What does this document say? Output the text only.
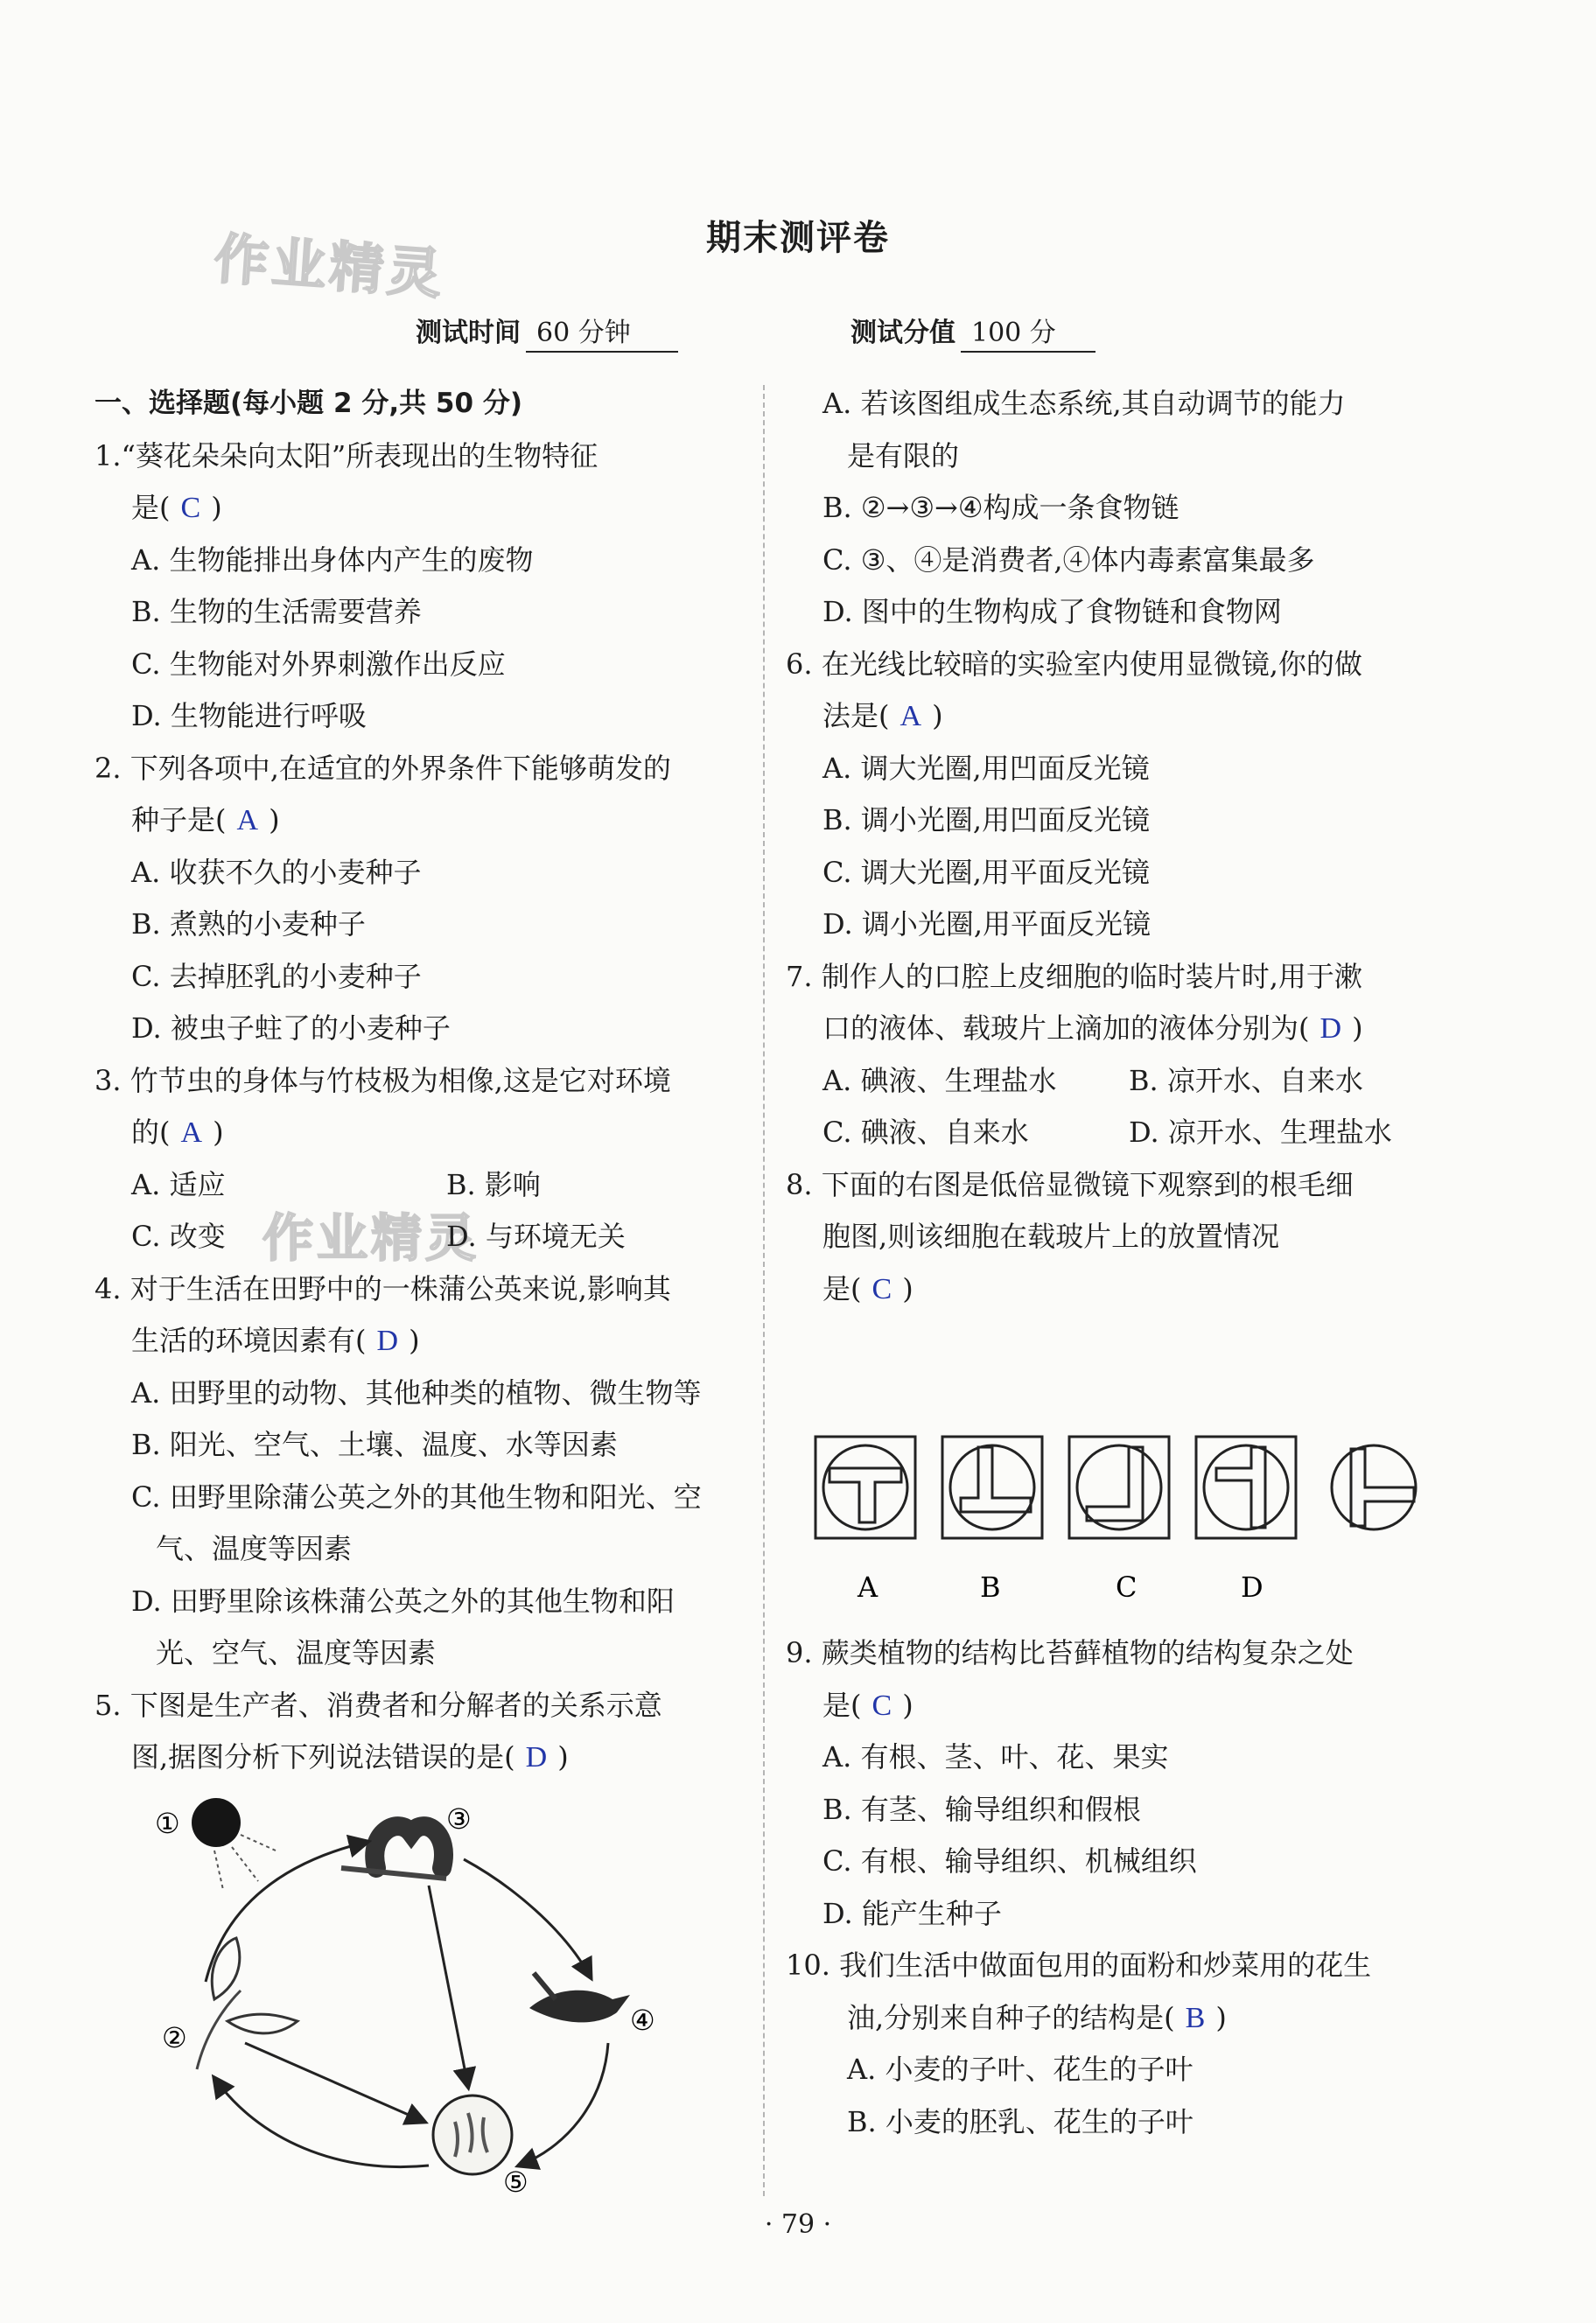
作业精灵
作业精灵
期末测评卷
测试时间 60 分钟	测试分值 100 分
一、选择题(每小题 2 分,共 50 分)
1.“葵花朵朵向太阳”所表现出的生物特征
是( C )
A. 生物能排出身体内产生的废物
B. 生物的生活需要营养
C. 生物能对外界刺激作出反应
D. 生物能进行呼吸
2. 下列各项中,在适宜的外界条件下能够萌发的
种子是( A )
A. 收获不久的小麦种子
B. 煮熟的小麦种子
C. 去掉胚乳的小麦种子
D. 被虫子蛀了的小麦种子
3. 竹节虫的身体与竹枝极为相像,这是它对环境
的( A )
A. 适应	B. 影响
C. 改变	D. 与环境无关
4. 对于生活在田野中的一株蒲公英来说,影响其
生活的环境因素有( D )
A. 田野里的动物、其他种类的植物、微生物等
B. 阳光、空气、土壤、温度、水等因素
C. 田野里除蒲公英之外的其他生物和阳光、空
气、温度等因素
D. 田野里除该株蒲公英之外的其他生物和阳
光、空气、温度等因素
5. 下图是生产者、消费者和分解者的关系示意
图,据图分析下列说法错误的是( D )
①	③
④
②
⑤
A. 若该图组成生态系统,其自动调节的能力
是有限的
B. ②→③→④构成一条食物链
C. ③、④是消费者,④体内毒素富集最多
D. 图中的生物构成了食物链和食物网
6. 在光线比较暗的实验室内使用显微镜,你的做
法是( A )
A. 调大光圈,用凹面反光镜
B. 调小光圈,用凹面反光镜
C. 调大光圈,用平面反光镜
D. 调小光圈,用平面反光镜
7. 制作人的口腔上皮细胞的临时装片时,用于漱
口的液体、载玻片上滴加的液体分别为( D )
A. 碘液、生理盐水	B. 凉开水、自来水
C. 碘液、自来水	D. 凉开水、生理盐水
8. 下面的右图是低倍显微镜下观察到的根毛细
胞图,则该细胞在载玻片上的放置情况
是( C )
A	B	C	D
9. 蕨类植物的结构比苔藓植物的结构复杂之处
是( C )
A. 有根、茎、叶、花、果实
B. 有茎、输导组织和假根
C. 有根、输导组织、机械组织
D. 能产生种子
10. 我们生活中做面包用的面粉和炒菜用的花生
油,分别来自种子的结构是( B )
A. 小麦的子叶、花生的子叶
B. 小麦的胚乳、花生的子叶
· 79 ·
